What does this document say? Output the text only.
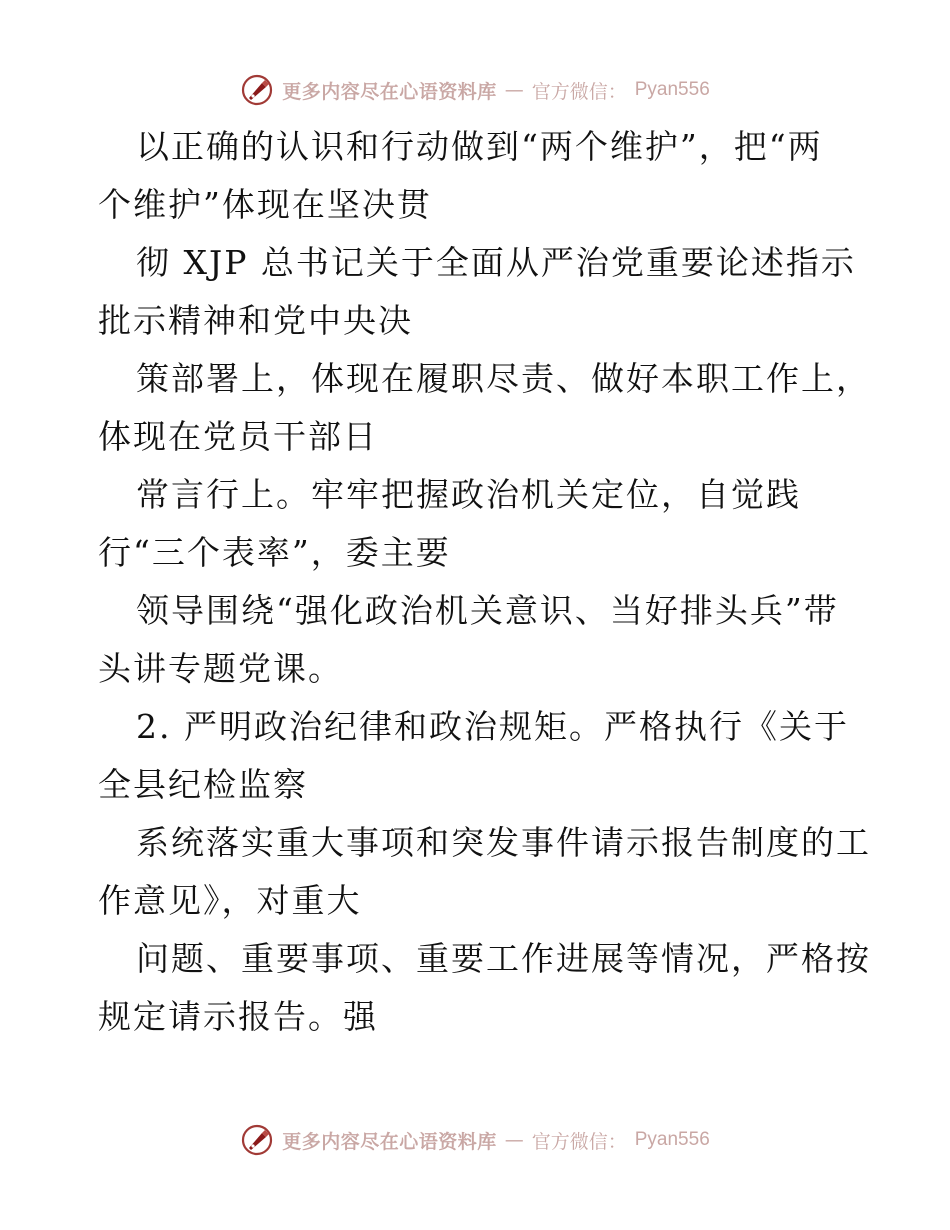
更多内容尽在心语资料库 — 官方微信： Pyan556

以正确的认识和行动做到“两个维护”，把“两
个维护”体现在坚决贯

彻 XJP 总书记关于全面从严治党重要论述指示
批示精神和党中央决

策部署上，体现在履职尽责、做好本职工作上，
体现在党员干部日

常言行上。牢牢把握政治机关定位，自觉践
行“三个表率”，委主要

领导围绕“强化政治机关意识、当好排头兵”带
头讲专题党课。

2. 严明政治纪律和政治规矩。严格执行《关于
全县纪检监察

系统落实重大事项和突发事件请示报告制度的工
作意见》，对重大

问题、重要事项、重要工作进展等情况，严格按
规定请示报告。强

更多内容尽在心语资料库 — 官方微信： Pyan556
